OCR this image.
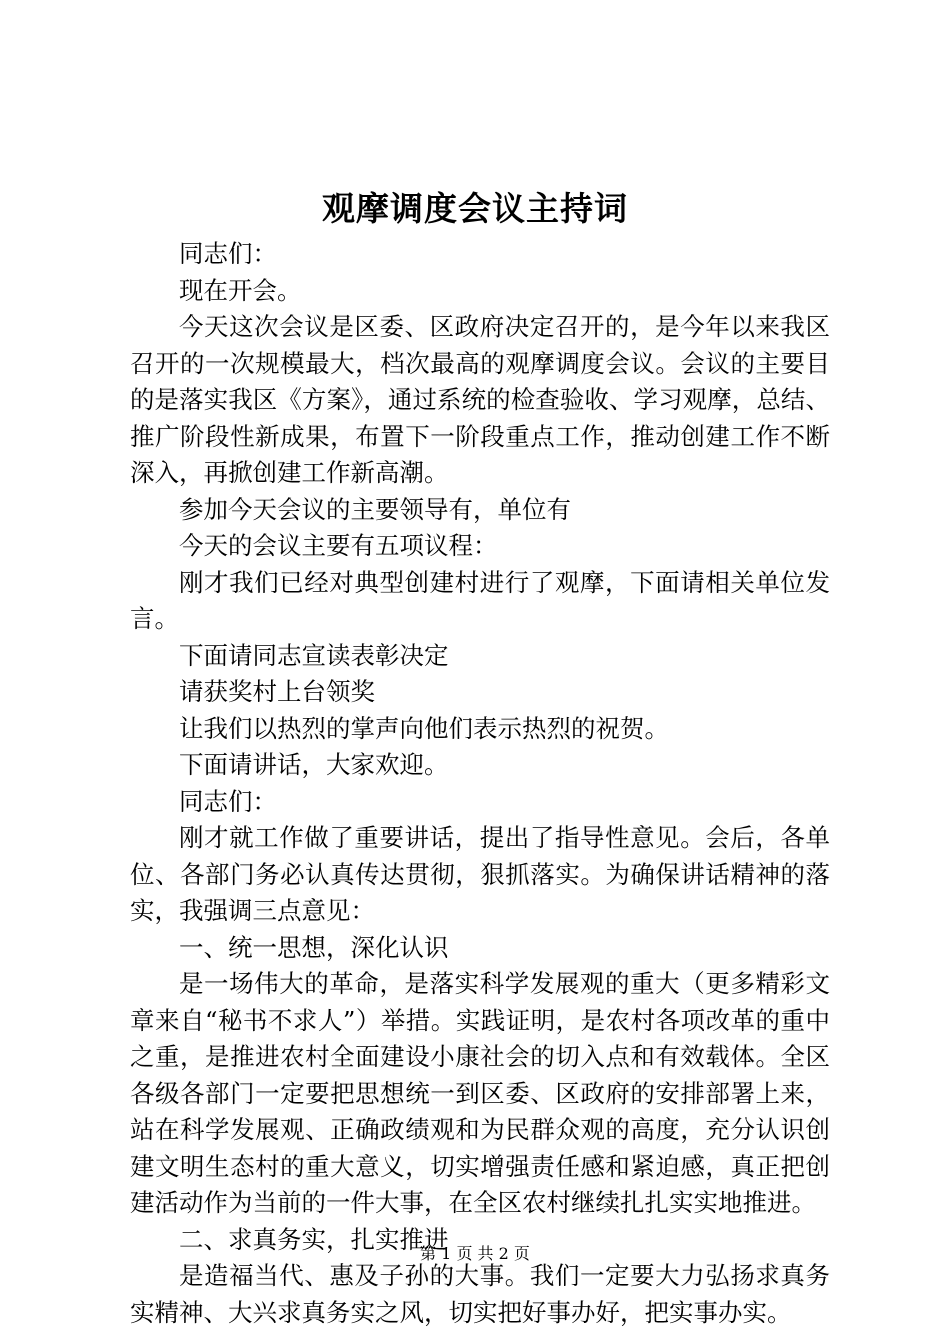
观摩调度会议主持词

同志们：

现在开会。

今天这次会议是区委、区政府决定召开的，是今年以来我区召开的一次规模最大，档次最高的观摩调度会议。会议的主要目的是落实我区《方案》，通过系统的检查验收、学习观摩，总结、推广阶段性新成果，布置下一阶段重点工作，推动创建工作不断深入，再掀创建工作新高潮。

参加今天会议的主要领导有，单位有

今天的会议主要有五项议程：

刚才我们已经对典型创建村进行了观摩，下面请相关单位发言。

下面请同志宣读表彰决定

请获奖村上台领奖

让我们以热烈的掌声向他们表示热烈的祝贺。

下面请讲话，大家欢迎。

同志们：

刚才就工作做了重要讲话，提出了指导性意见。会后，各单位、各部门务必认真传达贯彻，狠抓落实。为确保讲话精神的落实，我强调三点意见：

一、统一思想，深化认识

是一场伟大的革命，是落实科学发展观的重大（更多精彩文章来自“秘书不求人”）举措。实践证明，是农村各项改革的重中之重，是推进农村全面建设小康社会的切入点和有效载体。全区各级各部门一定要把思想统一到区委、区政府的安排部署上来，站在科学发展观、正确政绩观和为民群众观的高度，充分认识创建文明生态村的重大意义，切实增强责任感和紧迫感，真正把创建活动作为当前的一件大事，在全区农村继续扎扎实实地推进。

二、求真务实，扎实推进

是造福当代、惠及子孙的大事。我们一定要大力弘扬求真务实精神、大兴求真务实之风，切实把好事办好，把实事办实。

第 1 页 共 2 页
